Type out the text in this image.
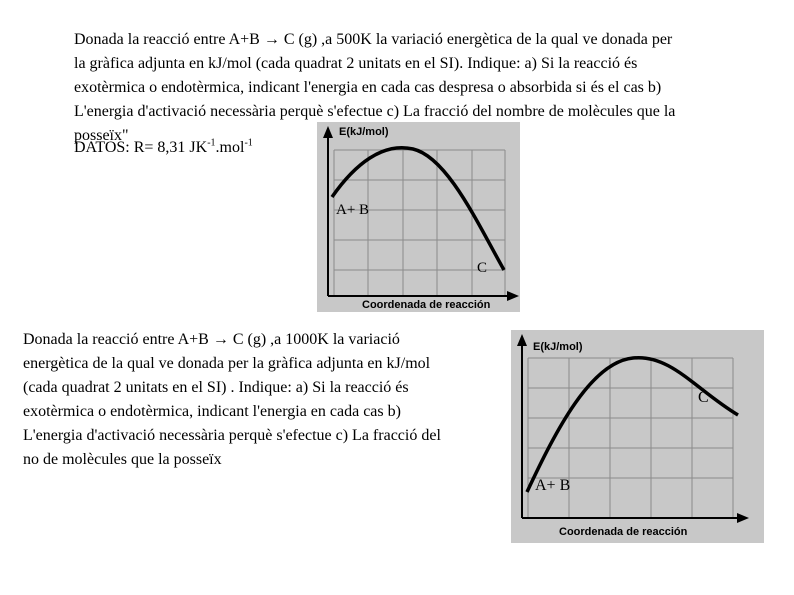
Donada la reacció entre A+B → C (g) ,a 500K la variació energètica de la qual ve donada per
la gràfica adjunta en kJ/mol (cada quadrat 2 unitats en el SI). Indique: a) Si la reacció és
exotèrmica o endotèrmica, indicant l'energia en cada cas despresa o absorbida si és el cas b)
L'energia d'activació necessària perquè s'efectue c) La fracció del nombre de molècules que la
posseïx"
DATOS: R= 8,31 $JK^{-1}.mol^{-1}$
E(kJ/mol)
A+ B
C
Coordenada de reacción
Donada la reacció entre A+B → C (g) ,a 1000K la variació
energètica de la qual ve donada per la gràfica adjunta en kJ/mol
(cada quadrat 2 unitats en el SI) . Indique: a) Si la reacció és
exotèrmica o endotèrmica, indicant l'energia en cada cas b)
L'energia d'activació necessària perquè s'efectue c) La fracció del
no de molècules que la posseïx
E(kJ/mol)
A+ B
C
Coordenada de reacción
